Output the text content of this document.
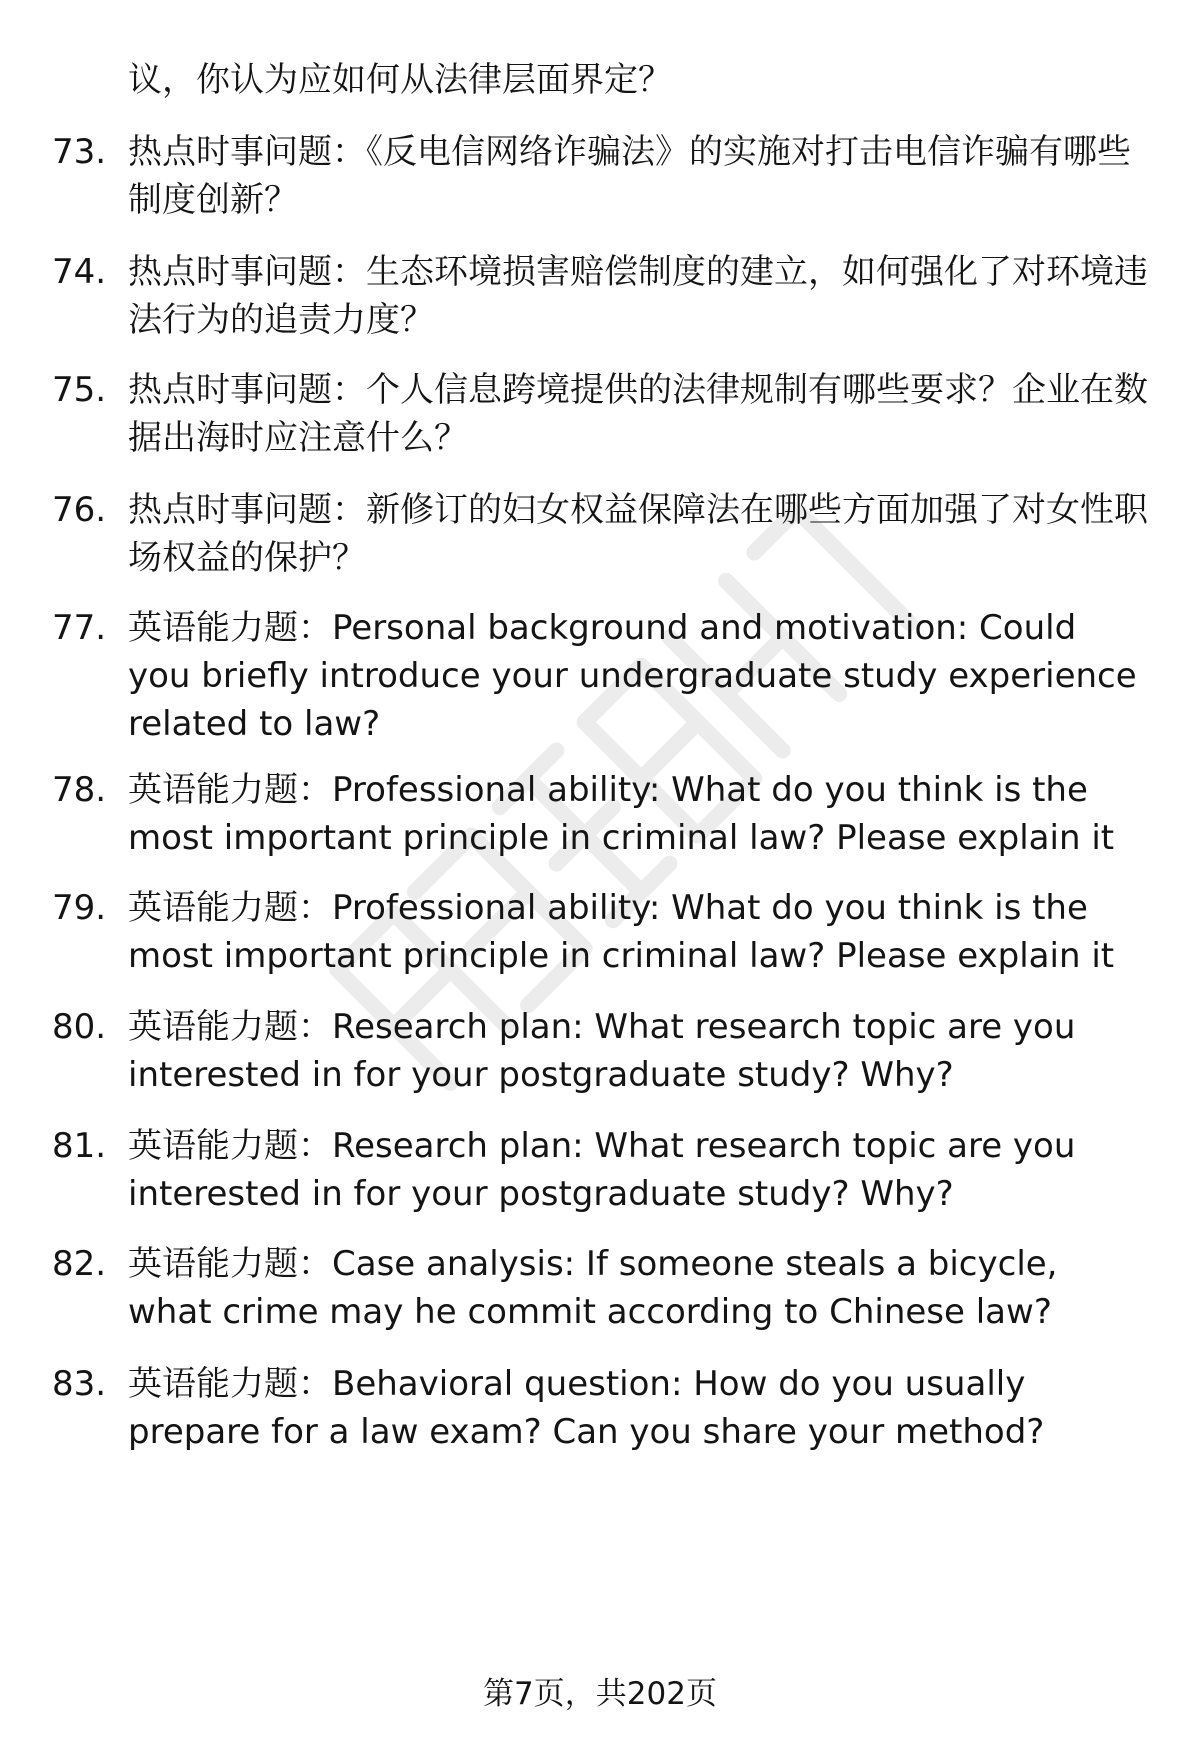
议，你认为应如何从法律层面界定？

73. 热点时事问题：《反电信网络诈骗法》的实施对打击电信诈骗有哪些制度创新？
74. 热点时事问题：生态环境损害赔偿制度的建立，如何强化了对环境违法行为的追责力度？
75. 热点时事问题：个人信息跨境提供的法律规制有哪些要求？企业在数据出海时应注意什么？
76. 热点时事问题：新修订的妇女权益保障法在哪些方面加强了对女性职场权益的保护？
77. 英语能力题：Personal background and motivation: Could you briefly introduce your undergraduate study experience related to law?
78. 英语能力题：Professional ability: What do you think is the most important principle in criminal law? Please explain it
79. 英语能力题：Professional ability: What do you think is the most important principle in criminal law? Please explain it
80. 英语能力题：Research plan: What research topic are you interested in for your postgraduate study? Why?
81. 英语能力题：Research plan: What research topic are you interested in for your postgraduate study? Why?
82. 英语能力题：Case analysis: If someone steals a bicycle, what crime may he commit according to Chinese law?
83. 英语能力题：Behavioral question: How do you usually prepare for a law exam? Can you share your method?
第7页，共202页
